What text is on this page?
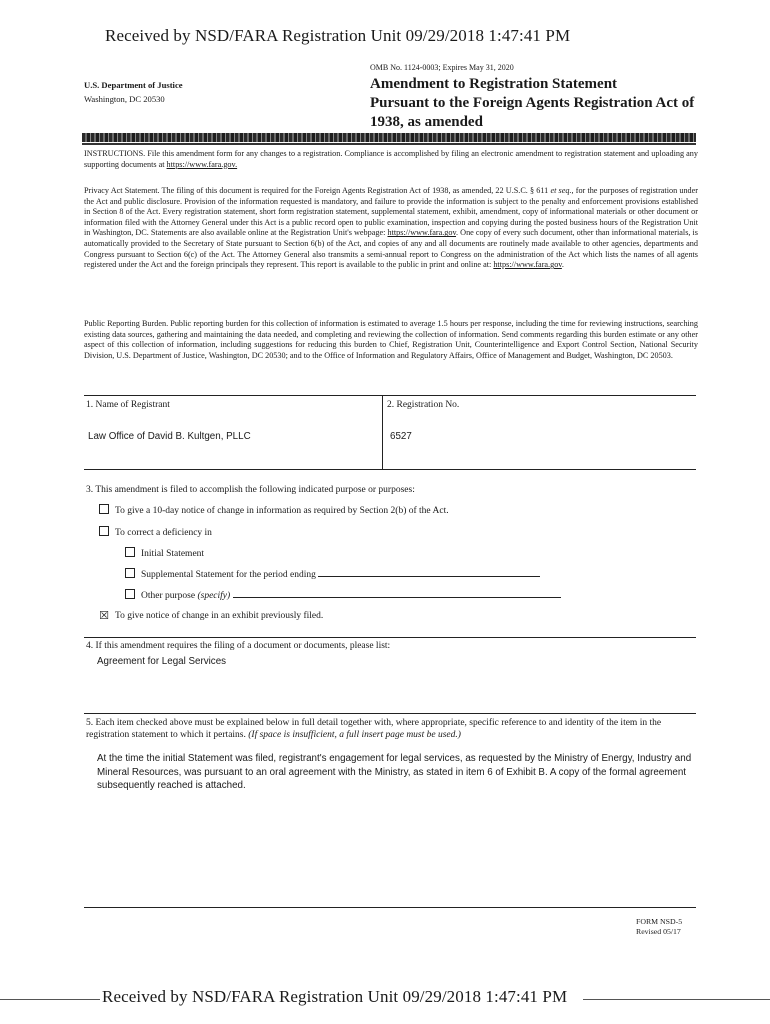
Received by NSD/FARA Registration Unit 09/29/2018 1:47:41 PM
U.S. Department of Justice
Washington, DC 20530
OMB No. 1124-0003; Expires May 31, 2020
Amendment to Registration Statement
Pursuant to the Foreign Agents Registration Act of
1938, as amended
INSTRUCTIONS. File this amendment form for any changes to a registration. Compliance is accomplished by filing an electronic amendment to registration statement and uploading any supporting documents at https://www.fara.gov.
Privacy Act Statement. The filing of this document is required for the Foreign Agents Registration Act of 1938, as amended, 22 U.S.C. § 611 et seq., for the purposes of registration under the Act and public disclosure. Provision of the information requested is mandatory, and failure to provide the information is subject to the penalty and enforcement provisions established in Section 8 of the Act. Every registration statement, short form registration statement, supplemental statement, exhibit, amendment, copy of informational materials or other document or information filed with the Attorney General under this Act is a public record open to public examination, inspection and copying during the posted business hours of the Registration Unit in Washington, DC. Statements are also available online at the Registration Unit's webpage: https://www.fara.gov. One copy of every such document, other than informational materials, is automatically provided to the Secretary of State pursuant to Section 6(b) of the Act, and copies of any and all documents are routinely made available to other agencies, departments and Congress pursuant to Section 6(c) of the Act. The Attorney General also transmits a semi-annual report to Congress on the administration of the Act which lists the names of all agents registered under the Act and the foreign principals they represent. This report is available to the public in print and online at: https://www.fara.gov.
Public Reporting Burden. Public reporting burden for this collection of information is estimated to average 1.5 hours per response, including the time for reviewing instructions, searching existing data sources, gathering and maintaining the data needed, and completing and reviewing the collection of information. Send comments regarding this burden estimate or any other aspect of this collection of information, including suggestions for reducing this burden to Chief, Registration Unit, Counterintelligence and Export Control Section, National Security Division, U.S. Department of Justice, Washington, DC 20530; and to the Office of Information and Regulatory Affairs, Office of Management and Budget, Washington, DC 20503.
1. Name of Registrant
Law Office of David B. Kultgen, PLLC
2. Registration No.
6527
3. This amendment is filed to accomplish the following indicated purpose or purposes:
To give a 10-day notice of change in information as required by Section 2(b) of the Act.
To correct a deficiency in
Initial Statement
Supplemental Statement for the period ending
Other purpose (specify)
☒ To give notice of change in an exhibit previously filed.
4. If this amendment requires the filing of a document or documents, please list:
Agreement for Legal Services
5. Each item checked above must be explained below in full detail together with, where appropriate, specific reference to and identity of the item in the registration statement to which it pertains. (If space is insufficient, a full insert page must be used.)
At the time the initial Statement was filed, registrant's engagement for legal services, as requested by the Ministry of Energy, Industry and Mineral Resources, was pursuant to an oral agreement with the Ministry, as stated in item 6 of Exhibit B. A copy of the formal agreement subsequently reached is attached.
FORM NSD-5
Revised 05/17
Received by NSD/FARA Registration Unit 09/29/2018 1:47:41 PM
